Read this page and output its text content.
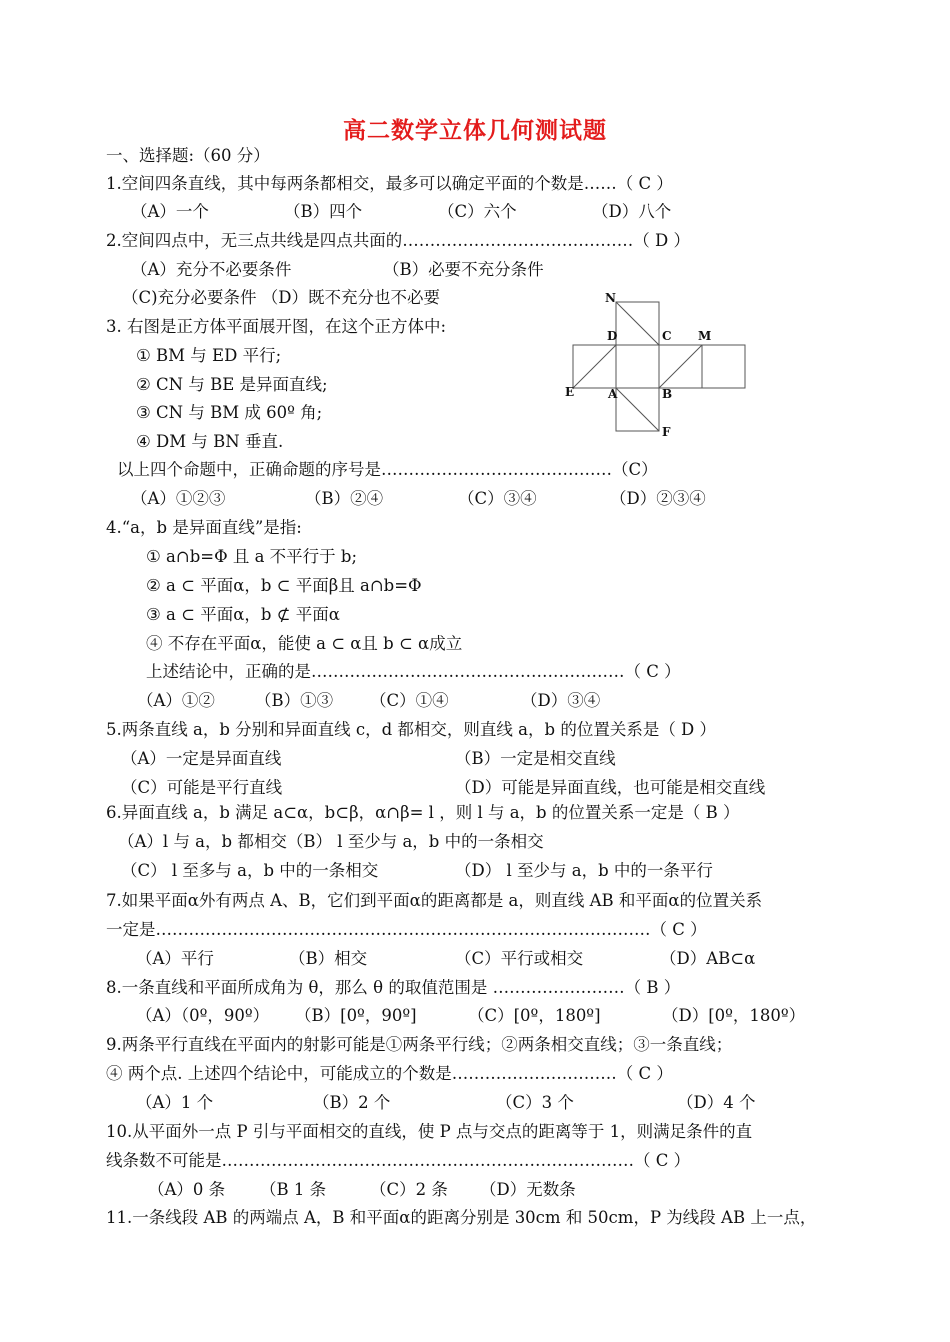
高二数学立体几何测试题
一、选择题:（60 分）
1.空间四条直线，其中每两条都相交，最多可以确定平面的个数是……（ C ）
（A）一个	（B）四个	（C）六个	（D）八个
2.空间四点中，无三点共线是四点共面的……………………………………（ D ）
（A）充分不必要条件	（B）必要不充分条件
（C)充分必要条件 （D）既不充分也不必要
3. 右图是正方体平面展开图，在这个正方体中:
① BM 与 ED 平行;
② CN 与 BE 是异面直线;
③ CN 与 BM 成 60º 角;
④ DM 与 BN 垂直.
以上四个命题中，正确命题的序号是……………………………………（C）
（A）①②③	（B）②④	（C）③④	（D）②③④
N
D	C M
E	A	B
F
4.“a，b 是异面直线”是指:
① a∩b=Φ 且 a 不平行于 b;
② a ⊂ 平面α，b ⊂ 平面β且 a∩b=Φ
③ a ⊂ 平面α，b ⊄ 平面α
④ 不存在平面α，能使 a ⊂ α且 b ⊂ α成立
上述结论中，正确的是…………………………………………………（ C ）
（A）①② （B）①③ （C）①④	（D）③④
5.两条直线 a，b 分别和异面直线 c，d 都相交，则直线 a，b 的位置关系是（ D ）
（A）一定是异面直线	（B）一定是相交直线
（C）可能是平行直线	（D）可能是异面直线，也可能是相交直线
6.异面直线 a，b 满足 a⊂α，b⊂β，α∩β= l ，则 l 与 a，b 的位置关系一定是（ B ）
（A）l 与 a，b 都相交（B） l 至少与 a，b 中的一条相交
（C） l 至多与 a，b 中的一条相交	（D） l 至少与 a，b 中的一条平行
7.如果平面α外有两点 A、B，它们到平面α的距离都是 a，则直线 AB 和平面α的位置关系
一定是………………………………………………………………………………（ C ）
（A）平行	（B）相交	（C）平行或相交	（D）AB⊂α
8.一条直线和平面所成角为 θ，那么 θ 的取值范围是 ……………………（ B ）
（A）（0º，90º） （B）[0º，90º]	（C）[0º，180º]	（D）[0º，180º）
9.两条平行直线在平面内的射影可能是①两条平行线；②两条相交直线；③一条直线；
④ 两个点. 上述四个结论中，可能成立的个数是…………………………（ C ）
（A）1 个	（B）2 个	（C）3 个	（D）4 个
10.从平面外一点 P 引与平面相交的直线，使 P 点与交点的距离等于 1，则满足条件的直
线条数不可能是…………………………………………………………………（ C ）
（A）0 条 （B 1 条	（C）2 条 （D）无数条
11.一条线段 AB 的两端点 A，B 和平面α的距离分别是 30cm 和 50cm，P 为线段 AB 上一点，
